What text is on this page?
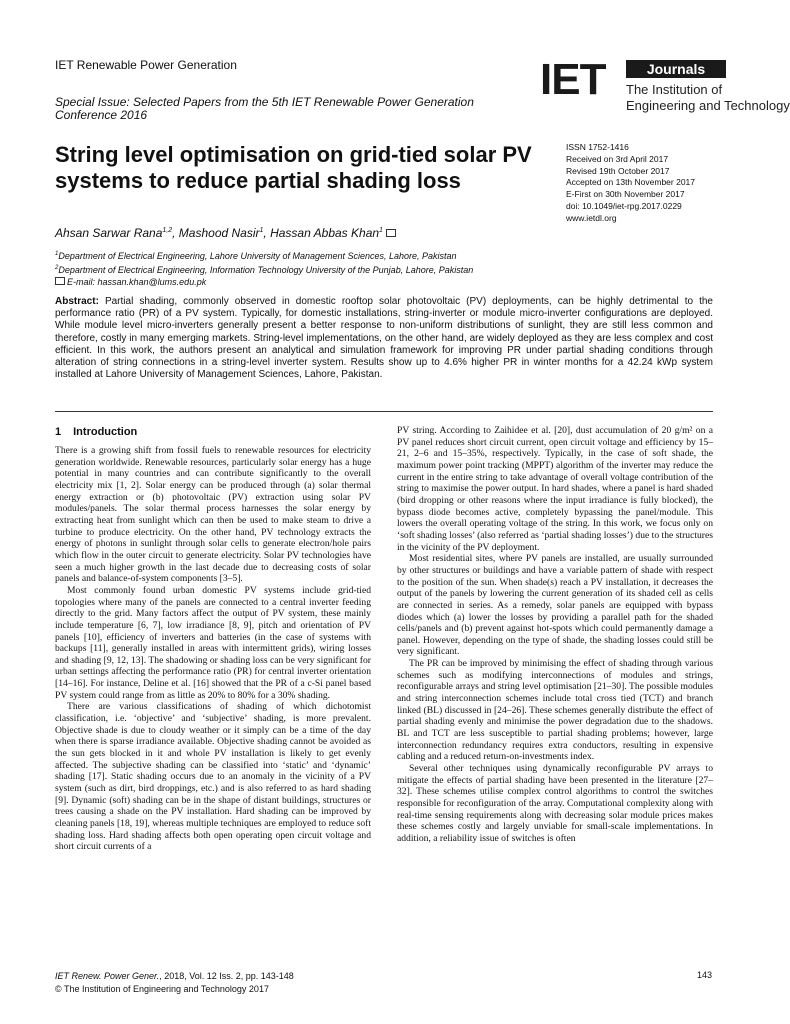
IET Renewable Power Generation
Special Issue: Selected Papers from the 5th IET Renewable Power Generation Conference 2016
IET	Journals
The Institution of
Engineering and Technology
String level optimisation on grid-tied solar PV systems to reduce partial shading loss
ISSN 1752-1416
Received on 3rd April 2017
Revised 19th October 2017
Accepted on 13th November 2017
E-First on 30th November 2017
doi: 10.1049/iet-rpg.2017.0229
www.ietdl.org
Ahsan Sarwar Rana$^{1,2}$, Mashood Nasir$^1$, Hassan Abbas Khan$^1$
$^1$Department of Electrical Engineering, Lahore University of Management Sciences, Lahore, Pakistan
$^2$Department of Electrical Engineering, Information Technology University of the Punjab, Lahore, Pakistan
E-mail: hassan.khan@lums.edu.pk
Abstract: Partial shading, commonly observed in domestic rooftop solar photovoltaic (PV) deployments, can be highly detrimental to the performance ratio (PR) of a PV system. Typically, for domestic installations, string-inverter or module micro-inverter configurations are deployed. While module level micro-inverters generally present a better response to non-uniform distributions of sunlight, they are still less common and therefore, costly in many emerging markets. String-level implementations, on the other hand, are widely deployed as they are less complex and cost efficient. In this work, the authors present an analytical and simulation framework for improving PR under partial shading conditions through alteration of string connections in a string-level inverter system. Results show up to 4.6% higher PR in winter months for a 42.24 kWp system installed at Lahore University of Management Sciences, Lahore, Pakistan.
1 Introduction

There is a growing shift from fossil fuels to renewable resources for electricity generation worldwide. Renewable resources, particularly solar energy has a huge potential in many countries and can contribute significantly to the overall electricity mix [1, 2]. Solar energy can be produced through (a) solar thermal energy extraction or (b) photovoltaic (PV) extraction using solar PV modules/panels. The solar thermal process harnesses the solar energy by extracting heat from sunlight which can then be used to make steam to drive a turbine to produce electricity. On the other hand, PV technology extracts the energy of photons in sunlight through solar cells to generate electron/hole pairs which flow in the outer circuit to generate electricity. Solar PV technologies have seen a much higher growth in the last decade due to decreasing costs of solar panels and balance-of-system components [3–5].

Most commonly found urban domestic PV systems include grid-tied topologies where many of the panels are connected to a central inverter feeding directly to the grid. Many factors affect the output of PV system, these mainly include temperature [6, 7], low irradiance [8, 9], pitch and orientation of PV panels [10], efficiency of inverters and batteries (in the case of systems with backups [11], generally installed in areas with intermittent grids), wiring losses and shading [9, 12, 13]. The shadowing or shading loss can be very significant for urban settings affecting the performance ratio (PR) for central inverter orientation [14–16]. For instance, Deline et al. [16] showed that the PR of a c-Si panel based PV system could range from as little as 20% to 80% for a 30% shading.

There are various classifications of shading of which dichotomist classification, i.e. ‘objective’ and ‘subjective’ shading, is more prevalent. Objective shade is due to cloudy weather or it simply can be a time of the day when there is sparse irradiance available. Objective shading cannot be avoided as the sun gets blocked in it and whole PV installation is likely to get evenly affected. The subjective shading can be classified into ‘static’ and ‘dynamic’ shading [17]. Static shading occurs due to an anomaly in the vicinity of a PV system (such as dirt, bird droppings, etc.) and is also referred to as hard shading [9]. Dynamic (soft) shading can be in the shape of distant buildings, structures or trees causing a shade on the PV installation. Hard shading can be improved by cleaning panels [18, 19], whereas multiple techniques are employed to reduce soft shading loss. Hard shading affects both open operating open circuit voltage and short circuit currents of a

PV string. According to Zaihidee et al. [20], dust accumulation of 20 g/m² on a PV panel reduces short circuit current, open circuit voltage and efficiency by 15–21, 2–6 and 15–35%, respectively. Typically, in the case of soft shade, the maximum power point tracking (MPPT) algorithm of the inverter may reduce the current in the entire string to take advantage of overall voltage contribution of the string to maximise the power output. In hard shades, where a panel is hard shaded (bird dropping or other reasons where the input irradiance is fully blocked), the bypass diode becomes active, completely bypassing the panel/module. This lowers the overall operating voltage of the string. In this work, we focus only on ‘soft shading losses’ (also referred as ‘partial shading losses’) due to the structures in the vicinity of the PV deployment.

Most residential sites, where PV panels are installed, are usually surrounded by other structures or buildings and have a variable pattern of shade with respect to the position of the sun. When shade(s) reach a PV installation, it decreases the output of the panels by lowering the current generation of its shaded cell as cells are connected in series. As a remedy, solar panels are equipped with bypass diodes which (a) lower the losses by providing a parallel path for the shaded cells/panels and (b) prevent against hot-spots which could permanently damage a panel. However, depending on the type of shade, the shading losses could still be very significant.

The PR can be improved by minimising the effect of shading through various schemes such as modifying interconnections of modules and strings, reconfigurable arrays and string level optimisation [21–30]. The possible modules and string interconnection schemes include total cross tied (TCT) and branch linked (BL) discussed in [24–26]. These schemes generally distribute the effect of partial shading evenly and minimise the power degradation due to the shadows. BL and TCT are less susceptible to partial shading problems; however, large interconnection redundancy requires extra conductors, resulting in expensive cabling and a reduced return-on-investments index.

Several other techniques using dynamically reconfigurable PV arrays to mitigate the effects of partial shading have been presented in the literature [27–32]. These schemes utilise complex control algorithms to control the switches responsible for reconfiguration of the array. Computational complexity along with real-time sensing requirements along with decreasing solar module prices makes these schemes costly and largely unviable for small-scale implementations. In addition, a reliability issue of switches is often

IET Renew. Power Gener., 2018, Vol. 12 Iss. 2, pp. 143-148
© The Institution of Engineering and Technology 2017
143
